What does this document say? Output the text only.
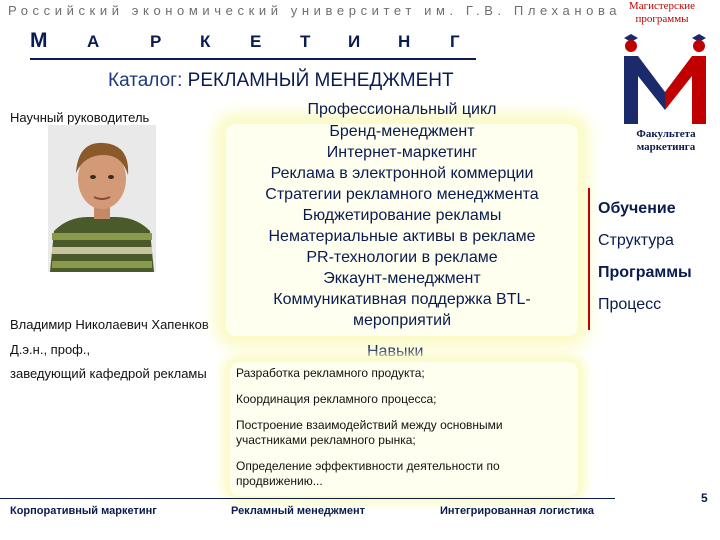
Российский экономический университет им. Г.В. Плеханова
М А	Р К Е Т И Н Г
Магистерские программы
Факультета маркетинга
Каталог: РЕКЛАМНЫЙ МЕНЕДЖМЕНТ
Научный руководитель
Владимир Николаевич Хапенков
Д.э.н., проф.,
заведующий кафедрой рекламы
Профессиональный цикл
Бренд-менеджмент
Интернет-маркетинг
Реклама в электронной коммерции
Стратегии рекламного менеджмента
Бюджетирование рекламы
Нематериальные активы в рекламе
PR-технологии в рекламе
Эккаунт-менеджмент
Коммуникативная поддержка BTL-мероприятий
Обучение
Структура
Программы
Процесс
Навыки
Разработка рекламного продукта;
Координация рекламного процесса;
Построение взаимодействий между основными участниками рекламного рынка;
Определение эффективности деятельности по продвижению...
Корпоративный маркетинг	Рекламный менеджмент	Интегрированная логистика
5
